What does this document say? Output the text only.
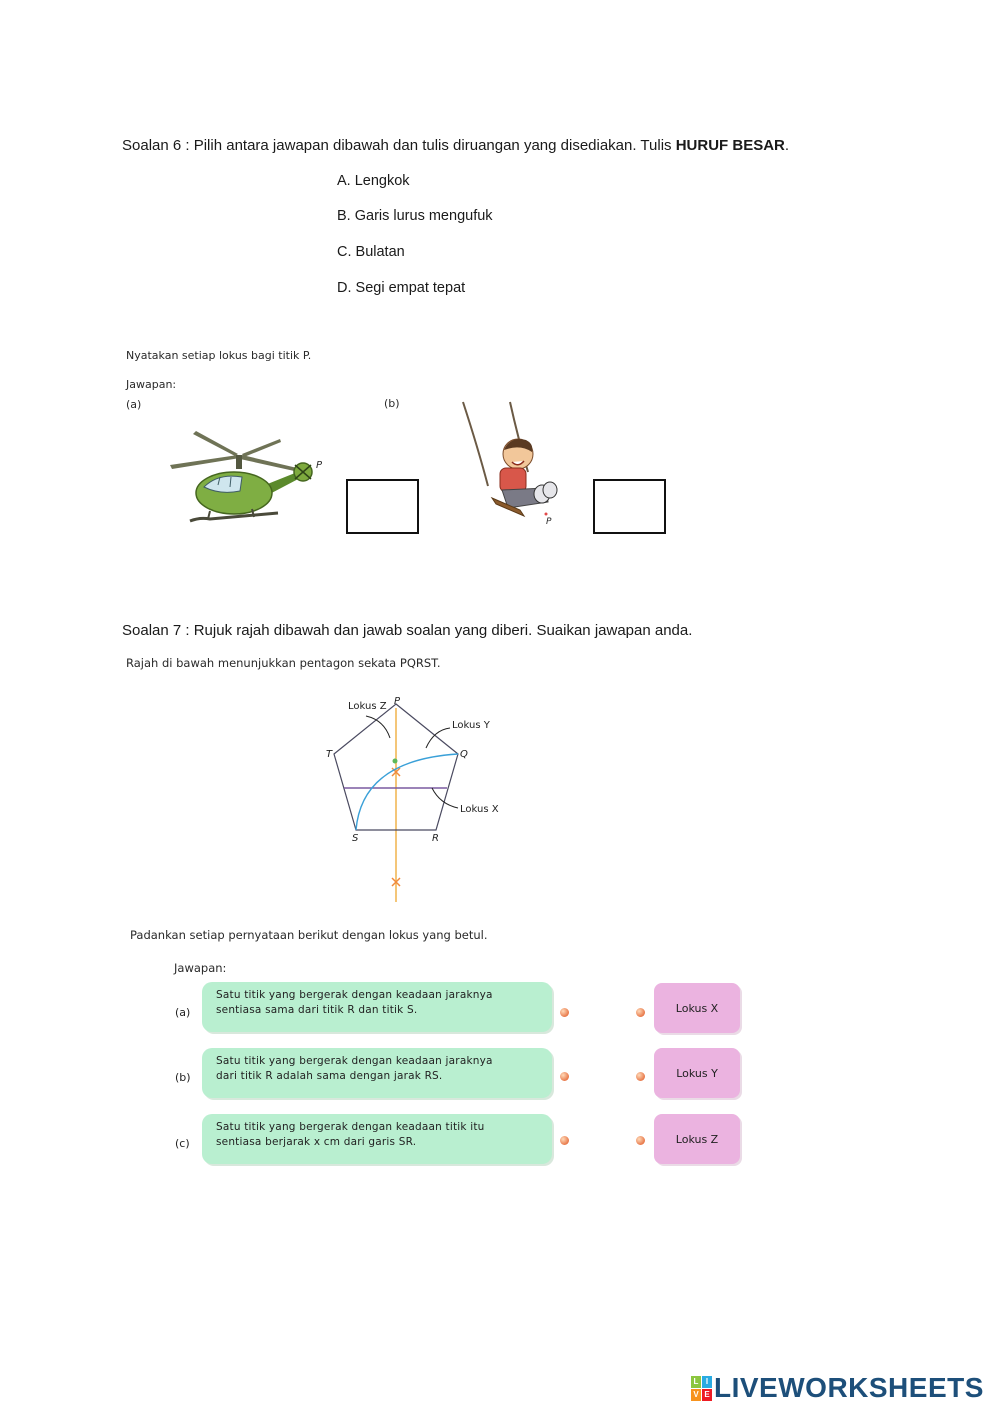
Soalan 6 : Pilih antara jawapan dibawah dan tulis diruangan yang disediakan. Tulis HURUF BESAR.
A. Lengkok
B. Garis lurus mengufuk
C. Bulatan
D. Segi empat tepat
Nyatakan setiap lokus bagi titik P.
Jawapan:
(a)	(b)
P
P
Soalan 7 : Rujuk rajah dibawah dan jawab soalan yang diberi. Suaikan jawapan anda.
Rajah di bawah menunjukkan pentagon sekata PQRST.
Lokus Z P
Lokus Y
Q
T
Lokus X
S	R
Padankan setiap pernyataan berikut dengan lokus yang betul.
Jawapan:
(a)
Satu titik yang bergerak dengan keadaan jaraknya
sentiasa sama dari titik R dan titik S.	Lokus X
(b)
Satu titik yang bergerak dengan keadaan jaraknya
dari titik R adalah sama dengan jarak RS.	Lokus Y
(c)
Satu titik yang bergerak dengan keadaan titik itu
sentiasa berjarak x cm dari garis SR.	Lokus Z
L I
V E LIVEWORKSHEETS
